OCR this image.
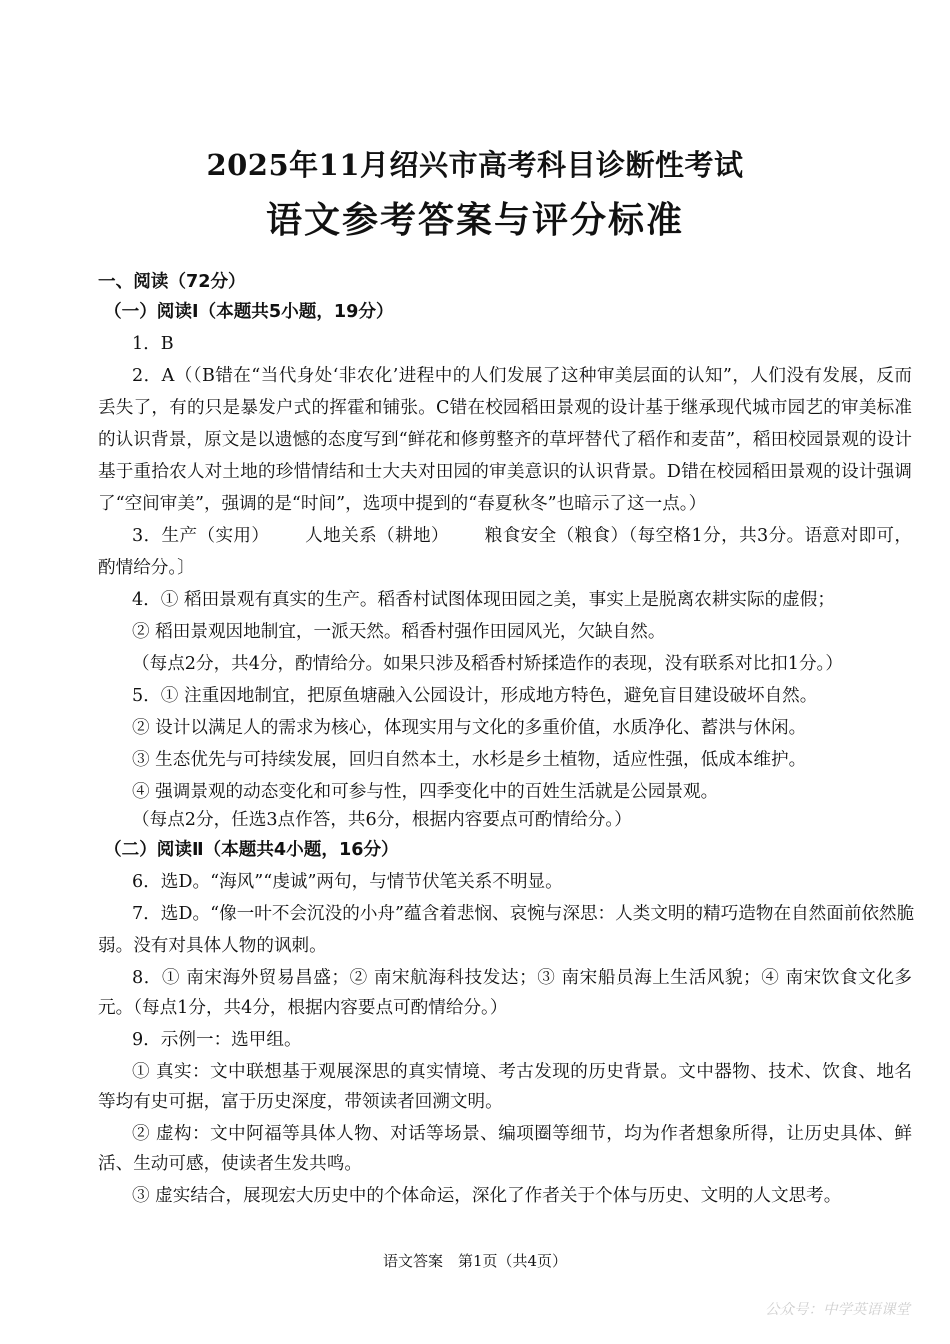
2025年11月绍兴市高考科目诊断性考试
语文参考答案与评分标准
一、阅读（72分）
（一）阅读I（本题共5小题，19分）
1．B
2．A（（B错在“当代身处‘非农化’进程中的人们发展了这种审美层面的认知”，人们没有发展，反而
丢失了，有的只是暴发户式的挥霍和铺张。C错在校园稻田景观的设计基于继承现代城市园艺的审美标准
的认识背景，原文是以遗憾的态度写到“鲜花和修剪整齐的草坪替代了稻作和麦苗”，稻田校园景观的设计
基于重拾农人对土地的珍惜情结和士大夫对田园的审美意识的认识背景。D错在校园稻田景观的设计强调
了“空间审美”，强调的是“时间”，选项中提到的“春夏秋冬”也暗示了这一点。）
3．生产（实用）      人地关系（耕地）      粮食安全（粮食）（每空格1分，共3分。语意对即可，
酌情给分。〕
4．① 稻田景观有真实的生产。稻香村试图体现田园之美，事实上是脱离农耕实际的虚假；
② 稻田景观因地制宜，一派天然。稻香村强作田园风光，欠缺自然。
（每点2分，共4分，酌情给分。如果只涉及稻香村矫揉造作的表现，没有联系对比扣1分。）
5．① 注重因地制宜，把原鱼塘融入公园设计，形成地方特色，避免盲目建设破坏自然。
② 设计以满足人的需求为核心，体现实用与文化的多重价值，水质净化、蓄洪与休闲。
③ 生态优先与可持续发展，回归自然本土，水杉是乡土植物，适应性强，低成本维护。
④ 强调景观的动态变化和可参与性，四季变化中的百姓生活就是公园景观。
（每点2分，任选3点作答，共6分，根据内容要点可酌情给分。）
（二）阅读Ⅱ（本题共4小题，16分）
6．选D。“海风”“虔诚”两句，与情节伏笔关系不明显。
7．选D。“像一叶不会沉没的小舟”蕴含着悲悯、哀惋与深思：人类文明的精巧造物在自然面前依然脆
弱。没有对具体人物的讽刺。
8．① 南宋海外贸易昌盛；② 南宋航海科技发达；③ 南宋船员海上生活风貌；④ 南宋饮食文化多
元。（每点1分，共4分，根据内容要点可酌情给分。）
9．示例一：选甲组。
① 真实：文中联想基于观展深思的真实情境、考古发现的历史背景。文中器物、技术、饮食、地名
等均有史可据，富于历史深度，带领读者回溯文明。
② 虚构：文中阿福等具体人物、对话等场景、编项圈等细节，均为作者想象所得，让历史具体、鲜
活、生动可感，使读者生发共鸣。
③ 虚实结合，展现宏大历史中的个体命运，深化了作者关于个体与历史、文明的人文思考。
语文答案　第1页（共4页）
公众号：中学英语课堂
